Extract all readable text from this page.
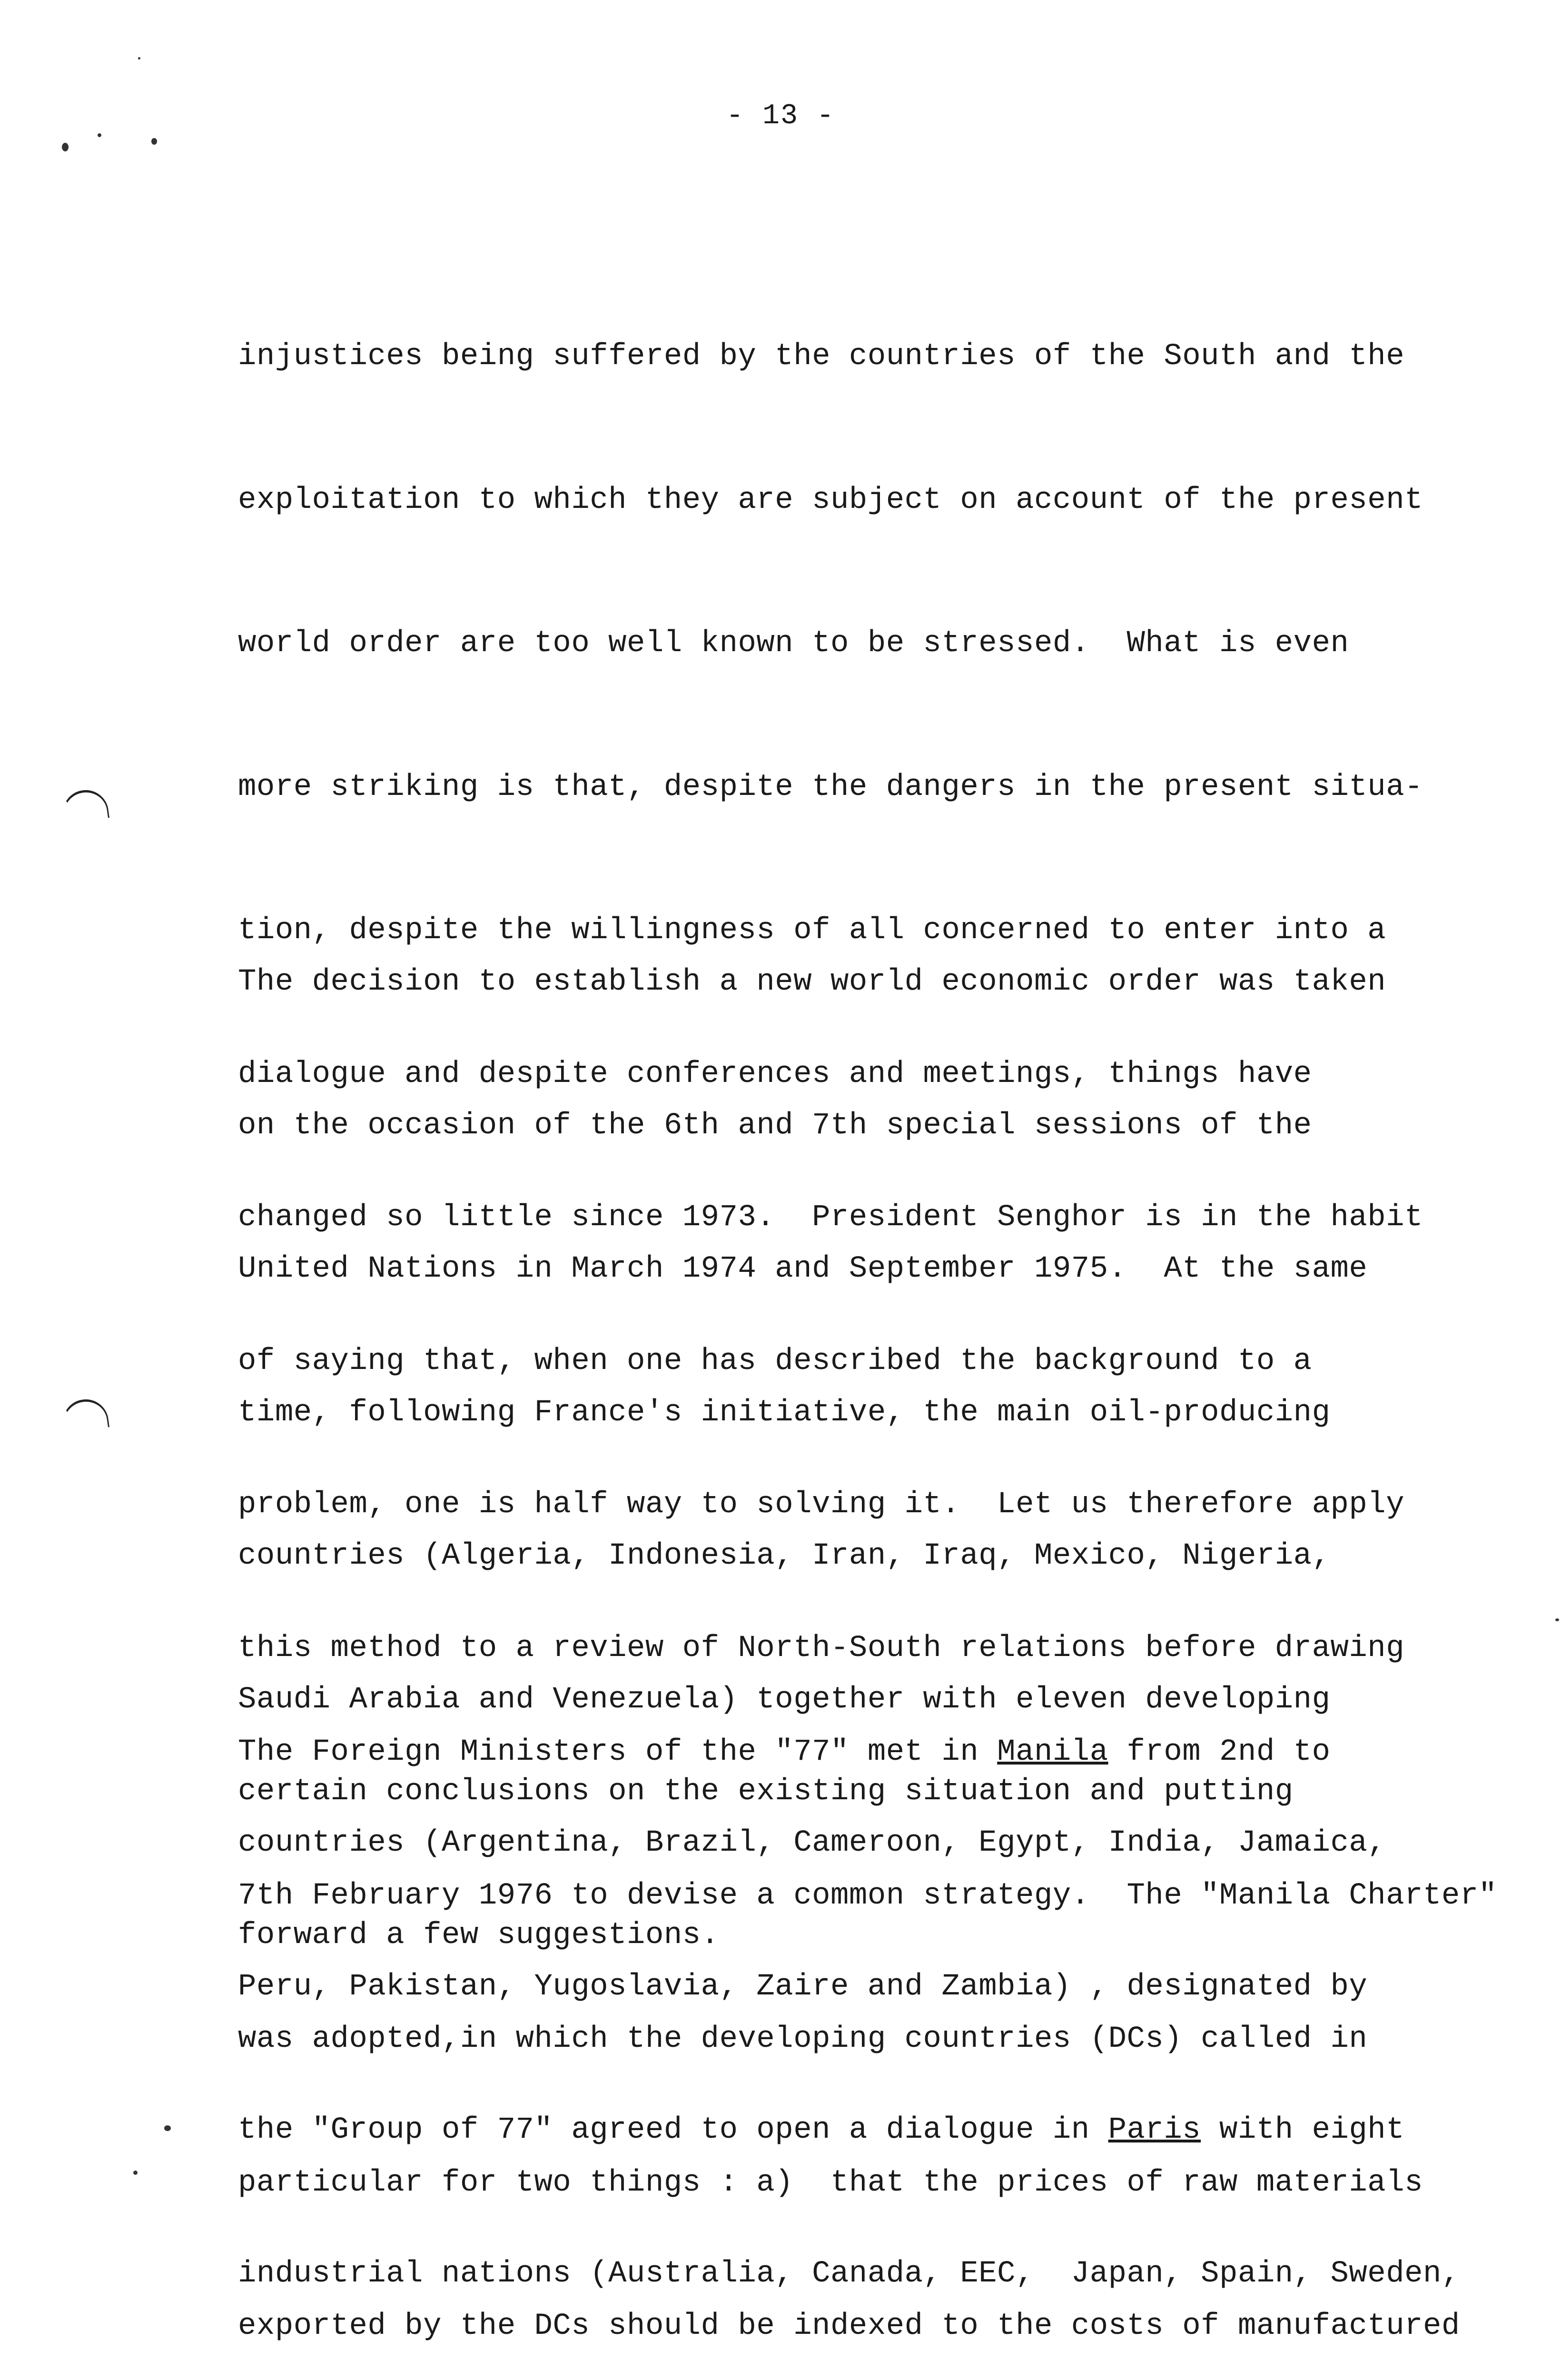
- 13 -

injustices being suffered by the countries of the South and the

exploitation to which they are subject on account of the present

world order are too well known to be stressed.  What is even

more striking is that, despite the dangers in the present situa-

tion, despite the willingness of all concerned to enter into a

dialogue and despite conferences and meetings, things have

changed so little since 1973.  President Senghor is in the habit

of saying that, when one has described the background to a

problem, one is half way to solving it.  Let us therefore apply

this method to a review of North-South relations before drawing

certain conclusions on the existing situation and putting

forward a few suggestions.

The decision to establish a new world economic order was taken

on the occasion of the 6th and 7th special sessions of the

United Nations in March 1974 and September 1975.  At the same

time, following France's initiative, the main oil-producing

countries (Algeria, Indonesia, Iran, Iraq, Mexico, Nigeria,

Saudi Arabia and Venezuela) together with eleven developing

countries (Argentina, Brazil, Cameroon, Egypt, India, Jamaica,

Peru, Pakistan, Yugoslavia, Zaire and Zambia) , designated by

the "Group of 77" agreed to open a dialogue in Paris with eight

industrial nations (Australia, Canada, EEC,  Japan, Spain, Sweden,

The Foreign Ministers of the "77" met in Manila from 2nd to

7th February 1976 to devise a common strategy.  The "Manila Charter"

was adopted,in which the developing countries (DCs) called in

particular for two things : a)  that the prices of raw materials

exported by the DCs should be indexed to the costs of manufactured
